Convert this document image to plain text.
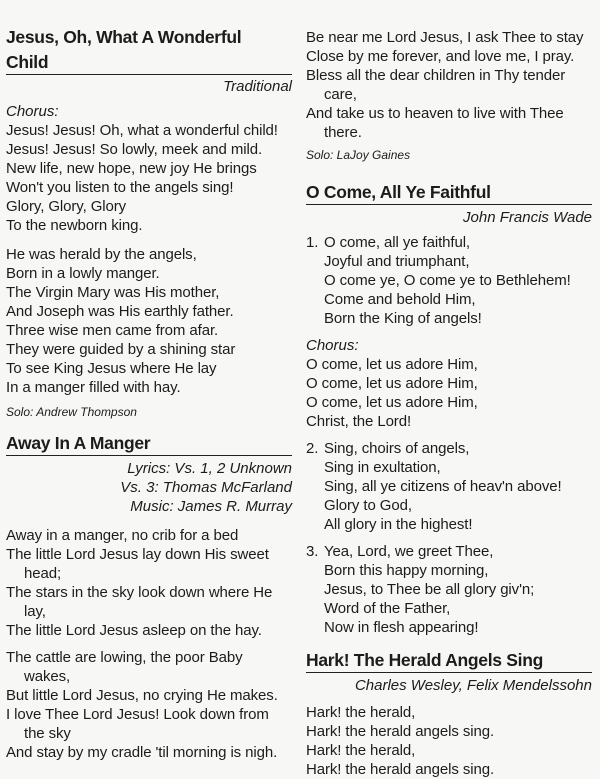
Jesus, Oh, What A Wonderful
Child
Traditional
Chorus:
Jesus! Jesus! Oh, what a wonderful child!
Jesus! Jesus! So lowly, meek and mild.
New life, new hope, new joy He brings
Won't you listen to the angels sing!
Glory, Glory, Glory
To the newborn king.
He was herald by the angels,
Born in a lowly manger.
The Virgin Mary was His mother,
And Joseph was His earthly father.
Three wise men came from afar.
They were guided by a shining star
To see King Jesus where He lay
In a manger filled with hay.
Solo: Andrew Thompson
Away In A Manger
Lyrics: Vs. 1, 2 Unknown
Vs. 3: Thomas McFarland
Music: James R. Murray
Away in a manger, no crib for a bed
The little Lord Jesus lay down His sweet
head;
The stars in the sky look down where He
lay,
The little Lord Jesus asleep on the hay.
The cattle are lowing, the poor Baby
wakes,
But little Lord Jesus, no crying He makes.
I love Thee Lord Jesus! Look down from
the sky
And stay by my cradle 'til morning is nigh.
Be near me Lord Jesus, I ask Thee to stay
Close by me forever, and love me, I pray.
Bless all the dear children in Thy tender
care,
And take us to heaven to live with Thee
there.
Solo: LaJoy Gaines
O Come, All Ye Faithful
John Francis Wade
1. O come, all ye faithful,
Joyful and triumphant,
O come ye, O come ye to Bethlehem!
Come and behold Him,
Born the King of angels!
Chorus:
O come, let us adore Him,
O come, let us adore Him,
O come, let us adore Him,
Christ, the Lord!
2. Sing, choirs of angels,
Sing in exultation,
Sing, all ye citizens of heav'n above!
Glory to God,
All glory in the highest!
3. Yea, Lord, we greet Thee,
Born this happy morning,
Jesus, to Thee be all glory giv'n;
Word of the Father,
Now in flesh appearing!
Hark! The Herald Angels Sing
Charles Wesley, Felix Mendelssohn
Hark! the herald,
Hark! the herald angels sing.
Hark! the herald,
Hark! the herald angels sing.
